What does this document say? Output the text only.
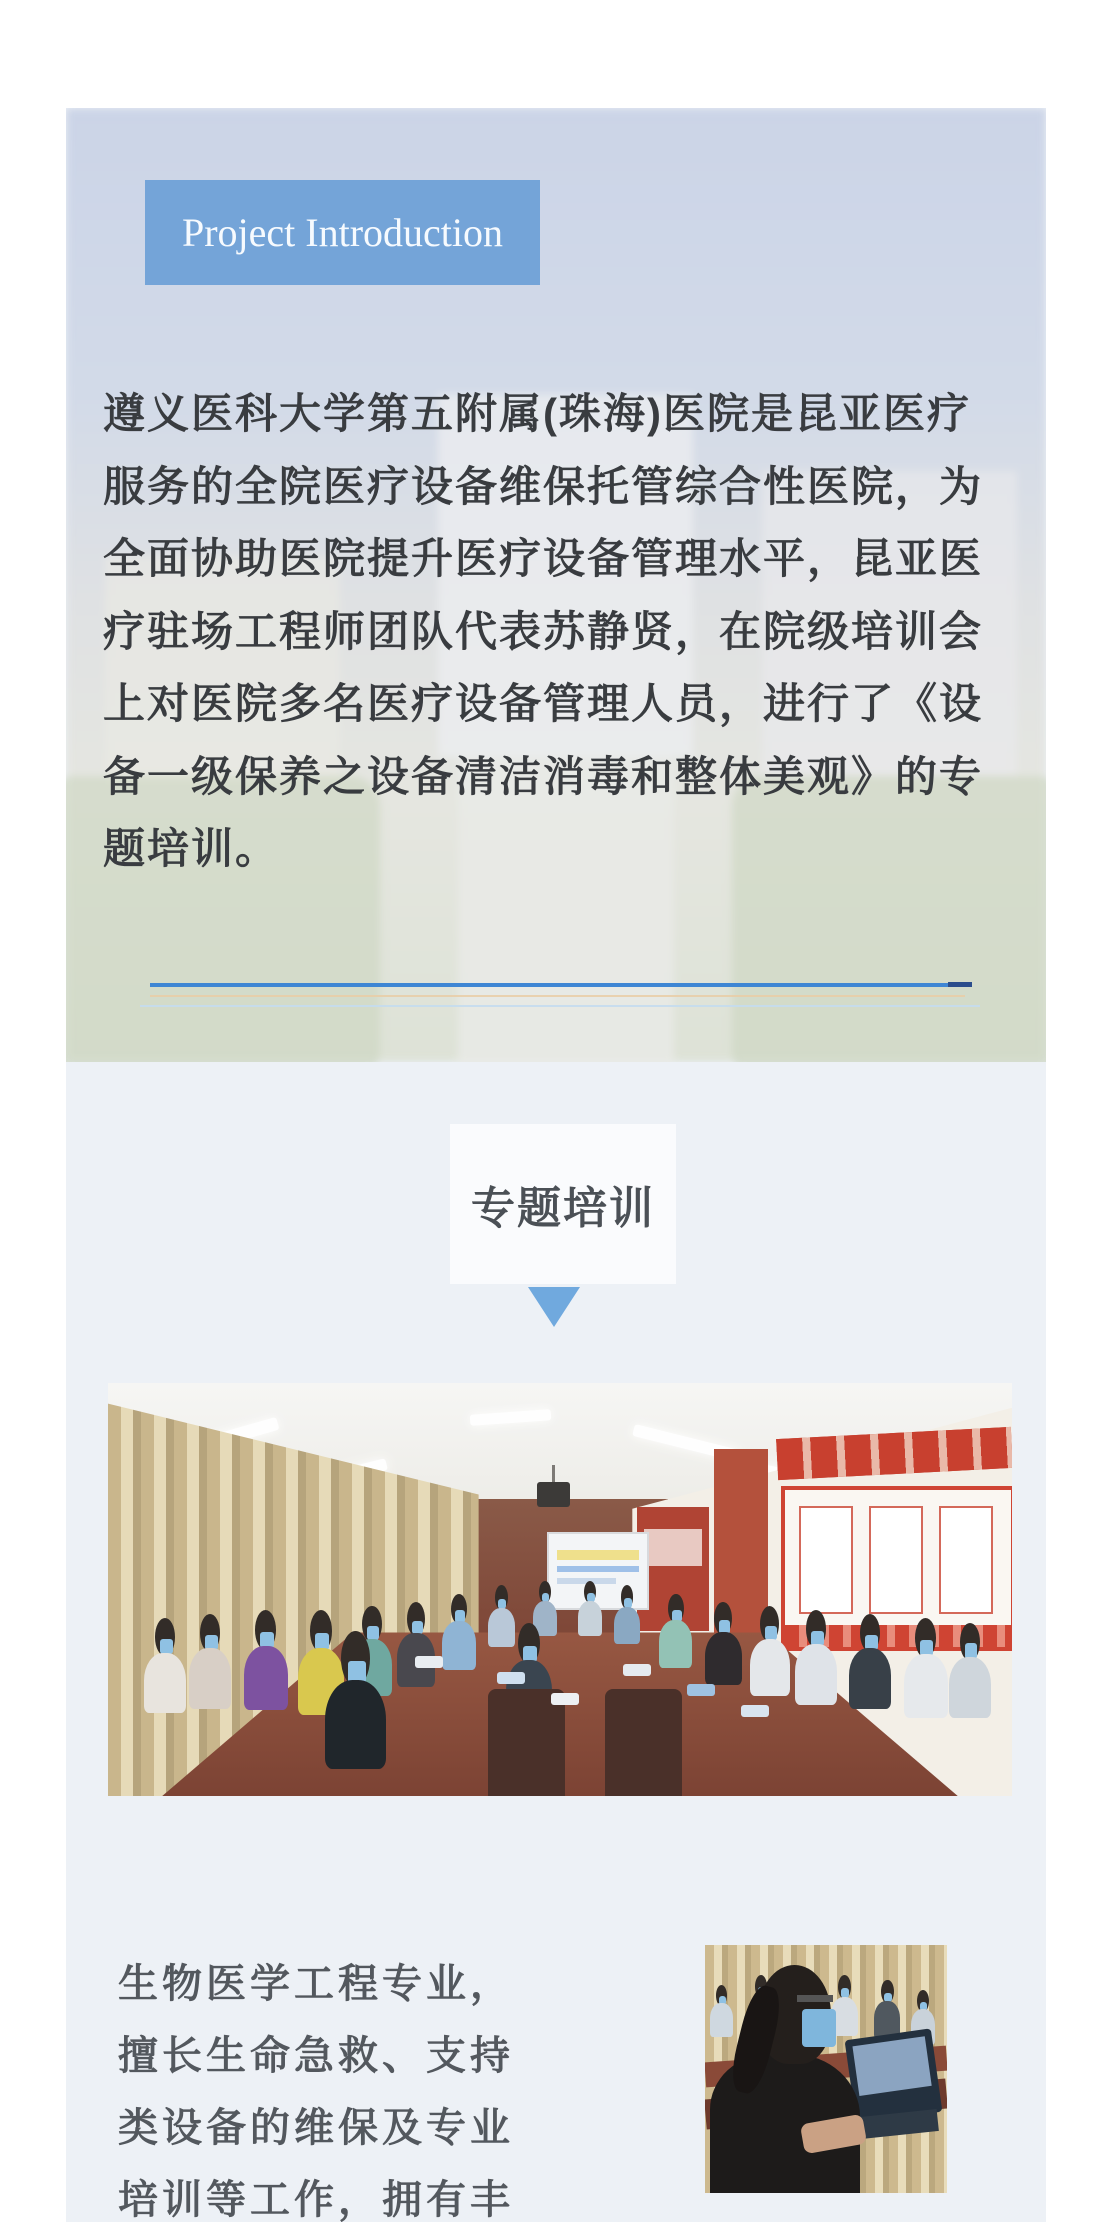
Project Introduction
遵义医科大学第五附属(珠海)医院是昆亚医疗
服务的全院医疗设备维保托管综合性医院，为
全面协助医院提升医疗设备管理水平，昆亚医
疗驻场工程师团队代表苏静贤，在院级培训会
上对医院多名医疗设备管理人员，进行了《设
备一级保养之设备清洁消毒和整体美观》的专
题培训。
专题培训
生物医学工程专业，
擅长生命急救、支持
类设备的维保及专业
培训等工作，拥有丰
